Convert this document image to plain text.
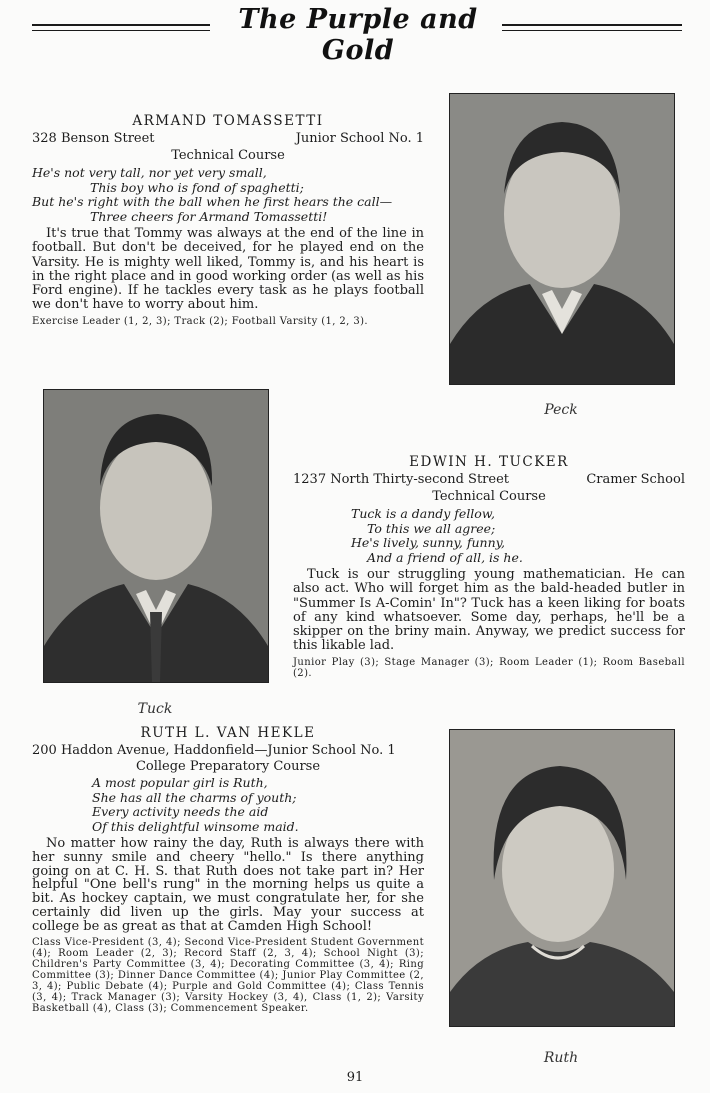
The Purple and Gold
ARMAND TOMASSETTI
328 Benson Street	Junior School No. 1
Technical Course
He's not very tall, nor yet very small,
This boy who is fond of spaghetti;
But he's right with the ball when he first hears the call—
Three cheers for Armand Tomassetti!
It's true that Tommy was always at the end of the line in football. But don't be deceived, for he played end on the Varsity. He is mighty well liked, Tommy is, and his heart is in the right place and in good working order (as well as his Ford engine). If he tackles every task as he plays football we don't have to worry about him.
Exercise Leader (1, 2, 3); Track (2); Football Varsity (1, 2, 3).
Peck
Tuck
EDWIN H. TUCKER
1237 North Thirty-second Street	Cramer School
Technical Course
Tuck is a dandy fellow,
To this we all agree;
He's lively, sunny, funny,
And a friend of all, is he.
Tuck is our struggling young mathematician. He can also act. Who will forget him as the bald-headed butler in "Summer Is A-Comin' In"? Tuck has a keen liking for boats of any kind whatsoever. Some day, perhaps, he'll be a skipper on the briny main. Anyway, we predict success for this likable lad.
Junior Play (3); Stage Manager (3); Room Leader (1); Room Baseball (2).
RUTH L. VAN HEKLE
200 Haddon Avenue, Haddonfield — Junior School No. 1
College Preparatory Course
A most popular girl is Ruth,
She has all the charms of youth;
Every activity needs the aid
Of this delightful winsome maid.
No matter how rainy the day, Ruth is always there with her sunny smile and cheery "hello." Is there anything going on at C. H. S. that Ruth does not take part in? Her helpful "One bell's rung" in the morning helps us quite a bit. As hockey captain, we must congratulate her, for she certainly did liven up the girls. May your success at college be as great as that at Camden High School!
Class Vice-President (3, 4); Second Vice-President Student Government (4); Room Leader (2, 3); Record Staff (2, 3, 4); School Night (3); Children's Party Committee (3, 4); Decorating Committee (3, 4); Ring Committee (3); Dinner Dance Committee (4); Junior Play Committee (2, 3, 4); Public Debate (4); Purple and Gold Committee (4); Class Tennis (3, 4); Track Manager (3); Varsity Hockey (3, 4), Class (1, 2); Varsity Basketball (4), Class (3); Commencement Speaker.
Ruth
91
